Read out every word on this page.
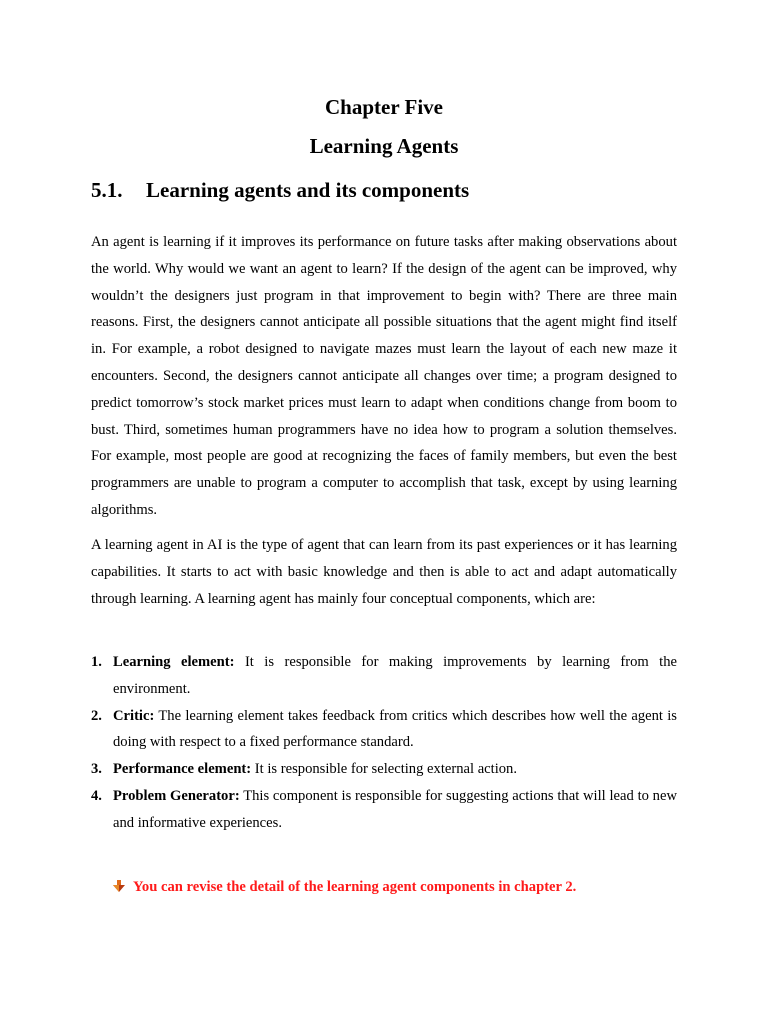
Chapter Five
Learning Agents
5.1. Learning agents and its components

An agent is learning if it improves its performance on future tasks after making observations about the world. Why would we want an agent to learn? If the design of the agent can be improved, why wouldn’t the designers just program in that improvement to begin with? There are three main reasons. First, the designers cannot anticipate all possible situations that the agent might find itself in. For example, a robot designed to navigate mazes must learn the layout of each new maze it encounters. Second, the designers cannot anticipate all changes over time; a program designed to predict tomorrow’s stock market prices must learn to adapt when conditions change from boom to bust. Third, sometimes human programmers have no idea how to program a solution themselves. For example, most people are good at recognizing the faces of family members, but even the best programmers are unable to program a computer to accomplish that task, except by using learning algorithms.

A learning agent in AI is the type of agent that can learn from its past experiences or it has learning capabilities. It starts to act with basic knowledge and then is able to act and adapt automatically through learning. A learning agent has mainly four conceptual components, which are:

1. Learning element: It is responsible for making improvements by learning from the environment.
2. Critic: The learning element takes feedback from critics which describes how well the agent is doing with respect to a fixed performance standard.
3. Performance element: It is responsible for selecting external action.
4. Problem Generator: This component is responsible for suggesting actions that will lead to new and informative experiences.
You can revise the detail of the learning agent components in chapter 2.
